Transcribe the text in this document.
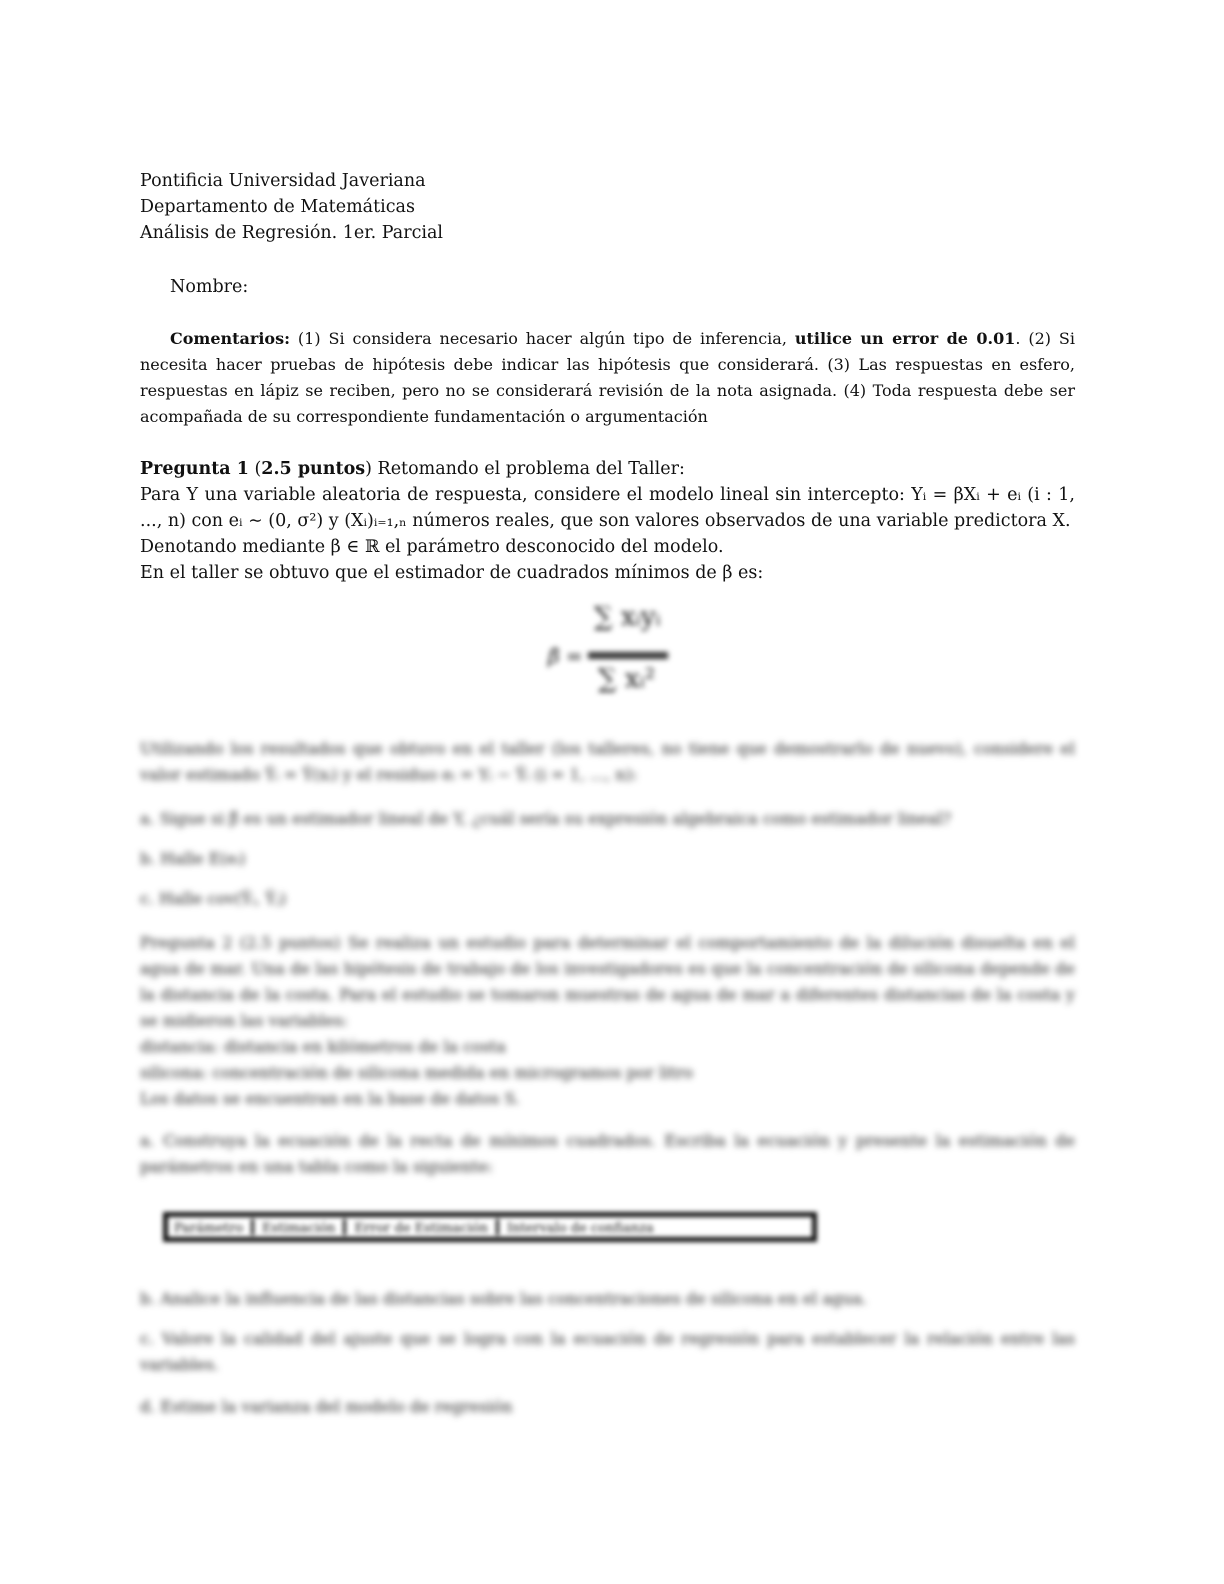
Pontificia Universidad Javeriana
Departamento de Matemáticas
Análisis de Regresión. 1er. Parcial
Nombre:
Comentarios: (1) Si considera necesario hacer algún tipo de inferencia, utilice un error de 0.01. (2) Si necesita hacer pruebas de hipótesis debe indicar las hipótesis que considerará. (3) Las respuestas en esfero, respuestas en lápiz se reciben, pero no se considerará revisión de la nota asignada. (4) Toda respuesta debe ser acompañada de su correspondiente fundamentación o argumentación
Pregunta 1 (2.5 puntos) Retomando el problema del Taller:
Para Y una variable aleatoria de respuesta, considere el modelo lineal sin intercepto: Yᵢ = βXᵢ + eᵢ (i : 1, ..., n) con eᵢ ∼ (0, σ²) y (Xᵢ)ᵢ₌₁,ₙ números reales, que son valores observados de una variable predictora X.
Denotando mediante β ∈ ℝ el parámetro desconocido del modelo.
En el taller se obtuvo que el estimador de cuadrados mínimos de β es:
β̂ =
∑ xᵢyᵢ
∑ xᵢ²
Utilizando los resultados que obtuvo en el taller (los talleres, no tiene que demostrarlo de nuevo), considere el valor estimado Ŷᵢ = Ŷ(xᵢ) y el residuo eᵢ = Yᵢ − Ŷᵢ (i = 1, ..., n):
a. Sigue si β̂ es un estimador lineal de Y, ¿cuál sería su expresión algebraica como estimador lineal?
b. Halle E(eᵢ)
c. Halle cov(Ŷᵢ, Ŷⱼ)
Pregunta 2 (2.5 puntos) Se realiza un estudio para determinar el comportamiento de la dilución disuelta en el agua de mar. Una de las hipótesis de trabajo de los investigadores es que la concentración de silicona depende de la distancia de la costa. Para el estudio se tomaron muestras de agua de mar a diferentes distancias de la costa y se midieron las variables:
distancia: distancia en kilómetros de la costa
silicona: concentración de silicona medida en microgramos por litro
Los datos se encuentran en la base de datos S.
a. Construya la ecuación de la recta de mínimos cuadrados. Escriba la ecuación y presente la estimación de parámetros en una tabla como la siguiente:
Parámetro	Estimación	Error de Estimación	Intervalo de confianza
b. Analice la influencia de las distancias sobre las concentraciones de silicona en el agua.
c. Valore la calidad del ajuste que se logra con la ecuación de regresión para establecer la relación entre las variables.
d. Estime la varianza del modelo de regresión
